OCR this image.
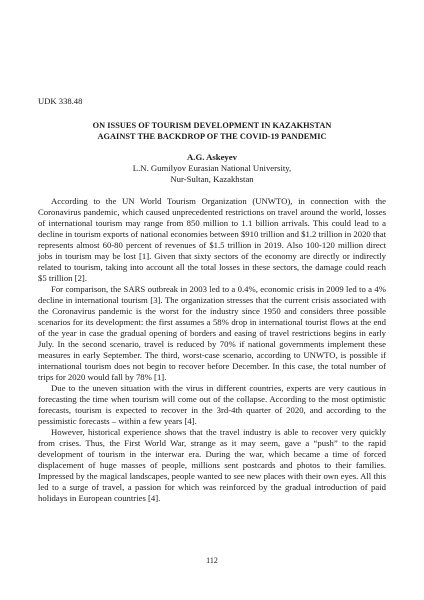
UDK 338.48
ON ISSUES OF TOURISM DEVELOPMENT IN KAZAKHSTAN
AGAINST THE BACKDROP OF THE COVID-19 PANDEMIC
A.G. Askeyev
L.N. Gumilyov Eurasian National University,
Nur-Sultan, Kazakhstan

According to the UN World Tourism Organization (UNWTO), in connection with the Coronavirus pandemic, which caused unprecedented restrictions on travel around the world, losses of international tourism may range from 850 million to 1.1 billion arrivals. This could lead to a decline in tourism exports of national economies between $910 trillion and $1.2 trillion in 2020 that represents almost 60-80 percent of revenues of $1.5 trillion in 2019. Also 100-120 million direct jobs in tourism may be lost [1]. Given that sixty sectors of the economy are directly or indirectly related to tourism, taking into account all the total losses in these sectors, the damage could reach $5 trillion [2].

For comparison, the SARS outbreak in 2003 led to a 0.4%, economic crisis in 2009 led to a 4% decline in international tourism [3]. The organization stresses that the current crisis associated with the Coronavirus pandemic is the worst for the industry since 1950 and considers three possible scenarios for its development: the first assumes a 58% drop in international tourist flows at the end of the year in case the gradual opening of borders and easing of travel restrictions begins in early July. In the second scenario, travel is reduced by 70% if national governments implement these measures in early September. The third, worst-case scenario, according to UNWTO, is possible if international tourism does not begin to recover before December. In this case, the total number of trips for 2020 would fall by 78% [1].

Due to the uneven situation with the virus in different countries, experts are very cautious in forecasting the time when tourism will come out of the collapse. According to the most optimistic forecasts, tourism is expected to recover in the 3rd-4th quarter of 2020, and according to the pessimistic forecasts – within a few years [4].

However, historical experience shows that the travel industry is able to recover very quickly from crises. Thus, the First World War, strange as it may seem, gave a “push” to the rapid development of tourism in the interwar era. During the war, which became a time of forced displacement of huge masses of people, millions sent postcards and photos to their families. Impressed by the magical landscapes, people wanted to see new places with their own eyes. All this led to a surge of travel, a passion for which was reinforced by the gradual introduction of paid holidays in European countries [4].

112
